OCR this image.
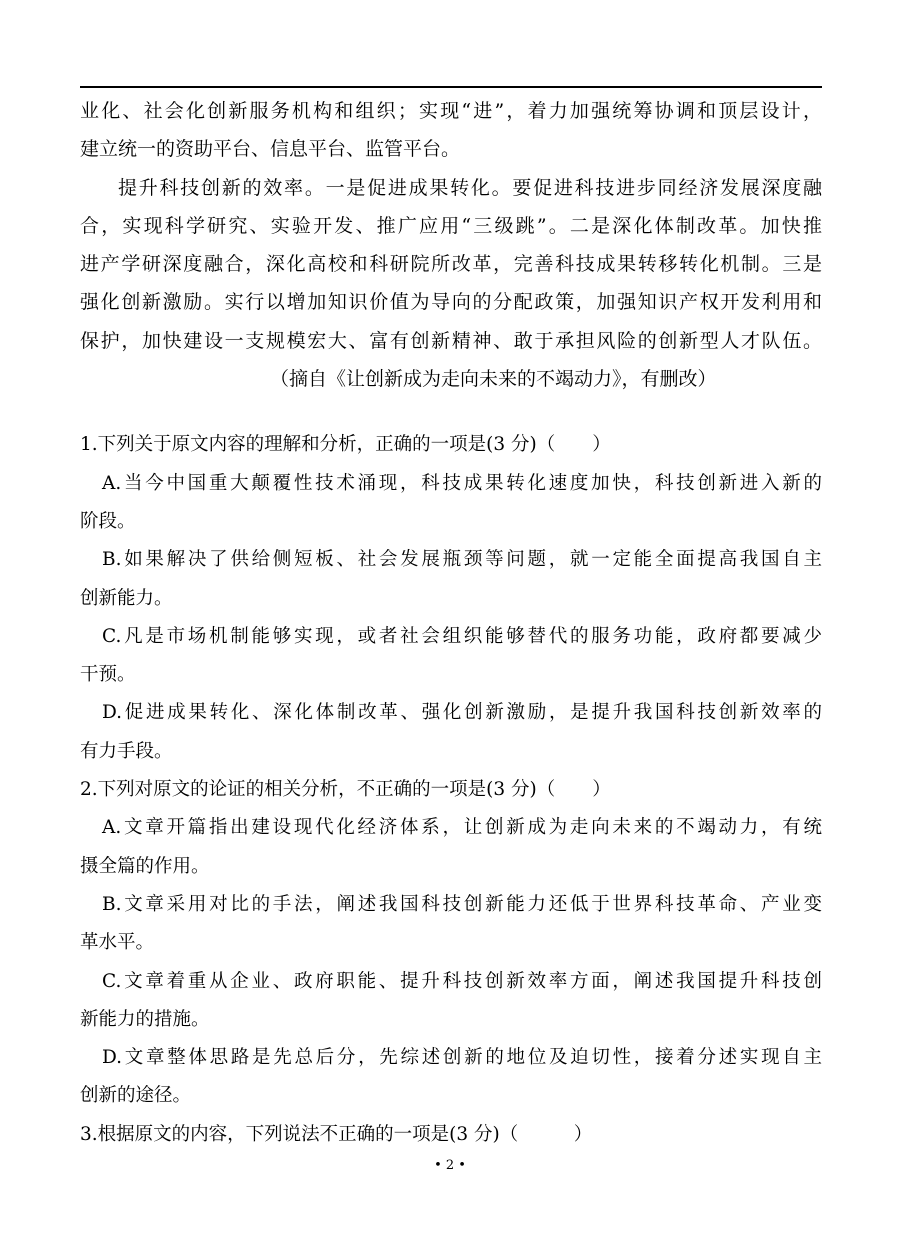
业化、社会化创新服务机构和组织；实现“进”，着力加强统筹协调和顶层设计，
建立统一的资助平台、信息平台、监管平台。
提升科技创新的效率。一是促进成果转化。要促进科技进步同经济发展深度融
合，实现科学研究、实验开发、推广应用“三级跳”。二是深化体制改革。加快推
进产学研深度融合，深化高校和科研院所改革，完善科技成果转移转化机制。三是
强化创新激励。实行以增加知识价值为导向的分配政策，加强知识产权开发利用和
保护，加快建设一支规模宏大、富有创新精神、敢于承担风险的创新型人才队伍。
（摘自《让创新成为走向未来的不竭动力》，有删改）
1.下列关于原文内容的理解和分析，正确的一项是(3 分)（　　）
A.当今中国重大颠覆性技术涌现，科技成果转化速度加快，科技创新进入新的
阶段。
B.如果解决了供给侧短板、社会发展瓶颈等问题，就一定能全面提高我国自主
创新能力。
C.凡是市场机制能够实现，或者社会组织能够替代的服务功能，政府都要减少
干预。
D.促进成果转化、深化体制改革、强化创新激励，是提升我国科技创新效率的
有力手段。
2.下列对原文的论证的相关分析，不正确的一项是(3 分)（　　）
A.文章开篇指出建设现代化经济体系，让创新成为走向未来的不竭动力，有统
摄全篇的作用。
B.文章采用对比的手法，阐述我国科技创新能力还低于世界科技革命、产业变
革水平。
C.文章着重从企业、政府职能、提升科技创新效率方面，阐述我国提升科技创
新能力的措施。
D.文章整体思路是先总后分，先综述创新的地位及迫切性，接着分述实现自主
创新的途径。
3.根据原文的内容，下列说法不正确的一项是(3 分)（　　　）
• 2 •
